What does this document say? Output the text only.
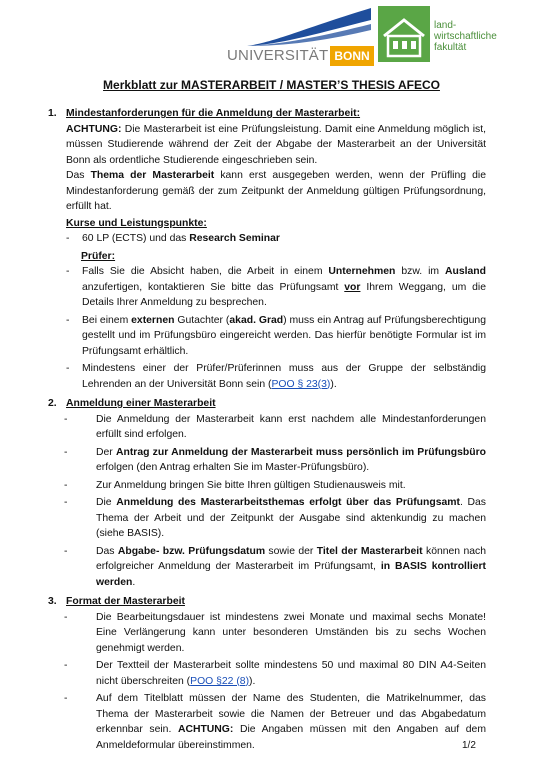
UNIVERSITÄT BONN
land-
wirtschaftliche
fakultät
Merkblatt zur MASTERARBEIT / MASTER’S THESIS AFECO
1. Mindestanforderungen für die Anmeldung der Masterarbeit:

ACHTUNG: Die Masterarbeit ist eine Prüfungsleistung. Damit eine Anmeldung möglich ist, müssen Studierende während der Zeit der Abgabe der Masterarbeit an der Universität Bonn als ordentliche Studierende eingeschrieben sein.

Das Thema der Masterarbeit kann erst ausgegeben werden, wenn der Prüfling die Mindestanforderung gemäß der zum Zeitpunkt der Anmeldung gültigen Prüfungsordnung, erfüllt hat.

Kurse und Leistungspunkte:
- 60 LP (ECTS) und das Research Seminar
Prüfer:
- Falls Sie die Absicht haben, die Arbeit in einem Unternehmen bzw. im Ausland anzufertigen, kontaktieren Sie bitte das Prüfungsamt vor Ihrem Weggang, um die Details Ihrer Anmeldung zu besprechen.
- Bei einem externen Gutachter (akad. Grad) muss ein Antrag auf Prüfungsberechtigung gestellt und im Prüfungsbüro eingereicht werden. Das hierfür benötigte Formular ist im Prüfungsamt erhältlich.
- Mindestens einer der Prüfer/Prüferinnen muss aus der Gruppe der selbständig Lehrenden an der Universität Bonn sein (POO § 23(3)).
2. Anmeldung einer Masterarbeit
-	Die Anmeldung der Masterarbeit kann erst nachdem alle Mindestanforderungen erfüllt sind erfolgen.
-	Der Antrag zur Anmeldung der Masterarbeit muss persönlich im Prüfungsbüro erfolgen (den Antrag erhalten Sie im Master-Prüfungsbüro).
-	Zur Anmeldung bringen Sie bitte Ihren gültigen Studienausweis mit.
-	Die Anmeldung des Masterarbeitsthemas erfolgt über das Prüfungsamt. Das Thema der Arbeit und der Zeitpunkt der Ausgabe sind aktenkundig zu machen (siehe BASIS).
-	Das Abgabe- bzw. Prüfungsdatum sowie der Titel der Masterarbeit können nach erfolgreicher Anmeldung der Masterarbeit im Prüfungsamt, in BASIS kontrolliert werden.
3. Format der Masterarbeit
-	Die Bearbeitungsdauer ist mindestens zwei Monate und maximal sechs Monate! Eine Verlängerung kann unter besonderen Umständen bis zu sechs Wochen genehmigt werden.
-	Der Textteil der Masterarbeit sollte mindestens 50 und maximal 80 DIN A4-Seiten nicht überschreiten (POO §22 (8)).
-	Auf dem Titelblatt müssen der Name des Studenten, die Matrikelnummer, das Thema der Masterarbeit sowie die Namen der Betreuer und das Abgabedatum erkennbar sein. ACHTUNG: Die Angaben müssen mit den Angaben auf dem Anmeldeformular übereinstimmen.	1/2
